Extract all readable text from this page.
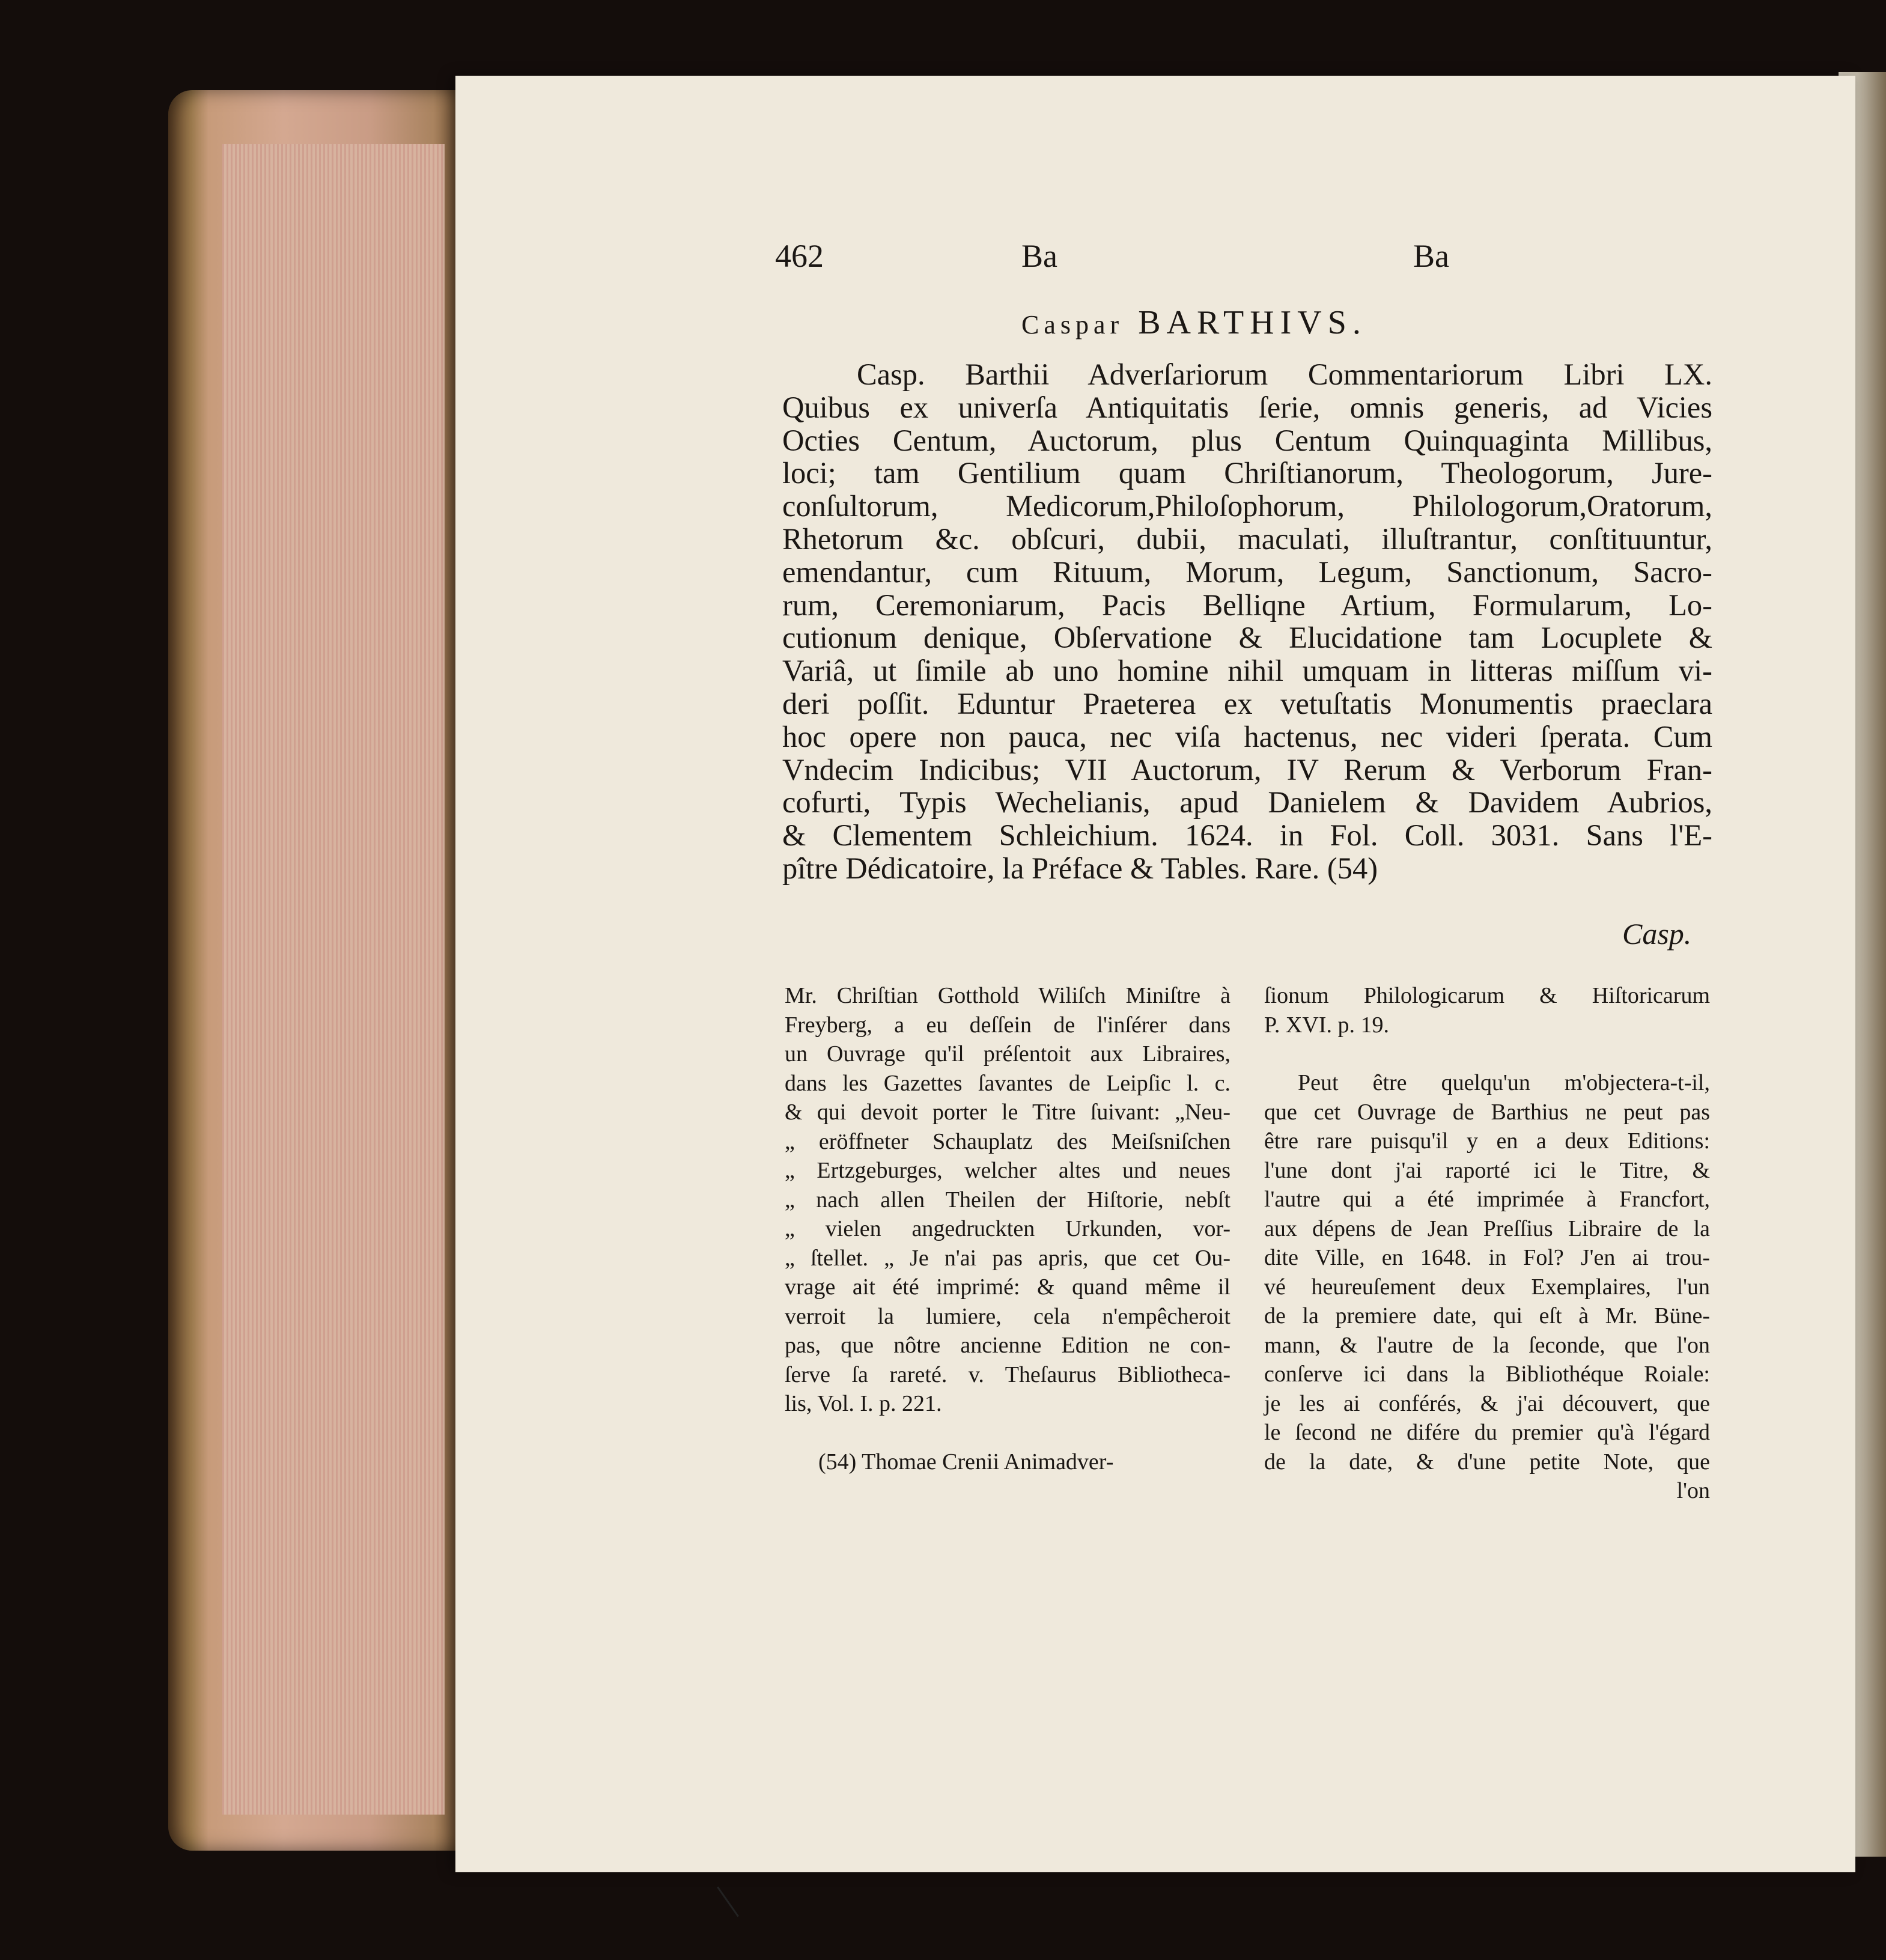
462	Ba	Ba
Caspar BARTHIVS.
Casp. Barthii Adverſariorum Commentariorum Libri LX.
Quibus ex univerſa Antiquitatis ſerie, omnis generis, ad Vicies
Octies Centum, Auctorum, plus Centum Quinquaginta Millibus,
loci; tam Gentilium quam Chriſtianorum, Theologorum, Jure-
conſultorum, Medicorum,Philoſophorum, Philologorum,Oratorum,
Rhetorum &c. obſcuri, dubii, maculati, illuſtrantur, conſtituuntur,
emendantur, cum Rituum, Morum, Legum, Sanctionum, Sacro-
rum, Ceremoniarum, Pacis Belliqne Artium, Formularum, Lo-
cutionum denique, Obſervatione & Elucidatione tam Locuplete &
Variâ, ut ſimile ab uno homine nihil umquam in litteras miſſum vi-
deri poſſit. Eduntur Praeterea ex vetuſtatis Monumentis praeclara
hoc opere non pauca, nec viſa hactenus, nec videri ſperata. Cum
Vndecim Indicibus; VII Auctorum, IV Rerum & Verborum Fran-
cofurti, Typis Wechelianis, apud Danielem & Davidem Aubrios,
& Clementem Schleichium. 1624. in Fol. Coll. 3031. Sans l'E-
pître Dédicatoire, la Préface & Tables. Rare. (54)
Casp.
Mr. Chriſtian Gotthold Wiliſch Miniſtre à
Freyberg, a eu deſſein de l'inſérer dans
un Ouvrage qu'il préſentoit aux Libraires,
dans les Gazettes ſavantes de Leipſic l. c.
& qui devoit porter le Titre ſuivant: „Neu-
„ eröffneter Schauplatz des Meiſsniſchen
„ Ertzgeburges, welcher altes und neues
„ nach allen Theilen der Hiſtorie, nebſt
„ vielen angedruckten Urkunden, vor-
„ ſtellet. „ Je n'ai pas apris, que cet Ou-
vrage ait été imprimé: & quand même il
verroit la lumiere, cela n'empêcheroit
pas, que nôtre ancienne Edition ne con-
ſerve ſa rareté. v. Theſaurus Bibliotheca-
lis, Vol. I. p. 221.
(54) Thomae Crenii Animadver-
ſionum Philologicarum & Hiſtoricarum
P. XVI. p. 19.
Peut être quelqu'un m'objectera-t-il,
que cet Ouvrage de Barthius ne peut pas
être rare puisqu'il y en a deux Editions:
l'une dont j'ai raporté ici le Titre, &
l'autre qui a été imprimée à Francfort,
aux dépens de Jean Preſſius Libraire de la
dite Ville, en 1648. in Fol? J'en ai trou-
vé heureuſement deux Exemplaires, l'un
de la premiere date, qui eſt à Mr. Büne-
mann, & l'autre de la ſeconde, que l'on
conſerve ici dans la Bibliothéque Roiale:
je les ai conférés, & j'ai découvert, que
le ſecond ne difére du premier qu'à l'égard
de la date, & d'une petite Note, que
l'on
